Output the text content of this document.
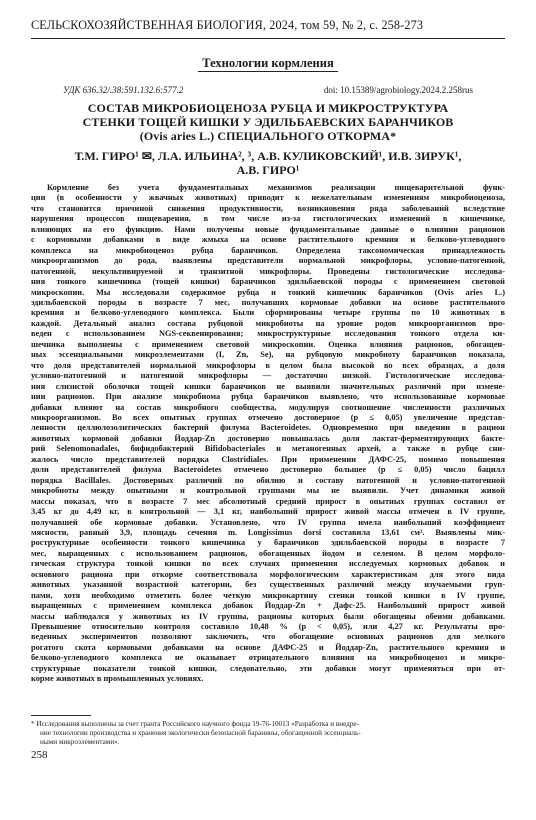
СЕЛЬСКОХОЗЯЙСТВЕННАЯ БИОЛОГИЯ, 2024, том 59, № 2, с. 258-273
Технологии кормления
УДК 636.32/.38:591.132.6:577.2	doi: 10.15389/agrobiology.2024.2.258rus
СОСТАВ МИКРОБИОЦЕНОЗА РУБЦА И МИКРОСТРУКТУРА
СТЕНКИ ТОЩЕЙ КИШКИ У ЭДИЛЬБАЕВСКИХ БАРАНЧИКОВ
(Ovis aries L.) СПЕЦИАЛЬНОГО ОТКОРМА*
Т.М. ГИРО¹ ✉, Л.А. ИЛЬИНА², ³, А.В. КУЛИКОВСКИЙ¹, И.В. ЗИРУК¹,
А.В. ГИРО¹
Кормление без учета фундаментальных механизмов реализации пищеварительной функ-
ции (в особенности у жвачных животных) приводит к нежелательным изменениям микробиоценоза,
что становится причиной снижения продуктивности, возникновения ряда заболеваний вследствие
нарушения процессов пищеварения, в том числе из-за гистологических изменений в кишечнике,
влияющих на его функцию. Нами получены новые фундаментальные данные о влиянии рационов
с кормовыми добавками в виде жмыха на основе растительного кремния и белково-углеводного
комплекса на микробиоценоз рубца баранчиков. Определена таксономическая принадлежность
микроорганизмов до рода, выявлены представители нормальной микрофлоры, условно-патогенной,
патогенной, некультивируемой и транзитной микрофлоры. Проведены гистологические исследова-
ния тонкого кишечника (тощей кишки) баранчиков эдильбаевской породы с применением световой
микроскопии. Мы исследовали содержимое рубца и тонкий кишечник баранчиков (Ovis aries L.)
эдильбаевской породы в возрасте 7 мес, получавших кормовые добавки на основе растительного
кремния и белково-углеводного комплекса. Были сформированы четыре группы по 10 животных в
каждой. Детальный анализ состава рубцовой микробиоты на уровне родов микроорганизмов про-
веден с использованием NGS-секвенирования; микроструктурные исследования тонкого отдела ки-
шечника выполнены с применением световой микроскопии. Оценка влияния рационов, обогащен-
ных эссенциальными микроэлементами (I, Zn, Se), на рубцовую микробиоту баранчиков показала,
что доля представителей нормальной микрофлоры в целом была высокой во всех образцах, а доля
условно-патогенной и патогенной микрофлоры — достаточно низкой. Гистологические исследова-
ния слизистой оболочки тощей кишки баранчиков не выявили значительных различий при измене-
нии рационов. При анализе микробиома рубца баранчиков выявлено, что использованные кормовые
добавки влияют на состав микробного сообщества, модулируя соотношение численности различных
микроорганизмов. Во всех опытных группах отмечено достоверное (р ≤ 0,05) увеличение представ-
ленности целлюлозолитических бактерий филума Bacteroidetes. Одновременно при введении в рацион
животных кормовой добавки Йоддар-Zn достоверно повышалась доля лактат-ферментирующих бакте-
рий Selenomonadales, бифидобактерий Bifidobacteriales и метаногенных архей, а также в рубце сни-
жалось число представителей порядка Clostridiales. При применении ДАФС-25, помимо повышения
доли представителей филума Bacteroidetes отмечено достоверно большее (р ≤ 0,05) число бацилл
порядка Bacillales. Достоверных различий по обилию и составу патогенной и условно-патогенной
микробиоты между опытными и контрольной группами мы не выявили. Учет динамики живой
массы показал, что в возрасте 7 мес абсолютный средний прирост в опытных группах составил от
3,45 кг до 4,49 кг, в контрольной — 3,1 кг, наибольший прирост живой массы отмечен в IV группе,
получавшей обе кормовые добавки. Установлено, что IV группа имела наибольший коэффициент
мясности, равный 3,9, площадь сечения m. Longissimus dorsi составила 13,61 см². Выявлены мик-
роструктурные особенности тонкого кишечника у баранчиков эдильбаевской породы в возрасте 7
мес, выращенных с использованием рационов, обогащенных йодом и селеном. В целом морфоло-
гическая структура тонкой кишки во всех случаях применения исследуемых кормовых добавок и
основного рациона при откорме соответствовала морфологическим характеристикам для этого вида
животных указанной возрастной категории, без существенных различий между изучаемыми груп-
пами, хотя необходимо отметить более четкую микрокартину стенки тонкой кишки в IV группе,
выращенных с применением комплекса добавок Йоддар-Zn + Дафс-25. Наибольший прирост живой
массы наблюдался у животных из IV группы, рационы которых были обогащены обеими добавками.
Превышение относительно контроля составило 10,48 % (р < 0,05), или 4,27 кг. Результаты про-
веденных экспериментов позволяют заключить, что обогащение основных рационов для мелкого
рогатого скота кормовыми добавками на основе ДАФС-25 и Йоддар-Zn, растительного кремния и
белково-углеводного комплекса не оказывает отрицательного влияния на микробиоценоз и микро-
структурные показатели тонкой кишки, следовательно, эти добавки могут применяться при от-
корме животных в промышленных условиях.
* Исследования выполнены за счет гранта Российского научного фонда 19-76-10013 «Разработка и внедре-
ние технологии производства и хранения экологически безопасной баранины, обогащенной эссенциаль-
ными микроэлементами».
258
